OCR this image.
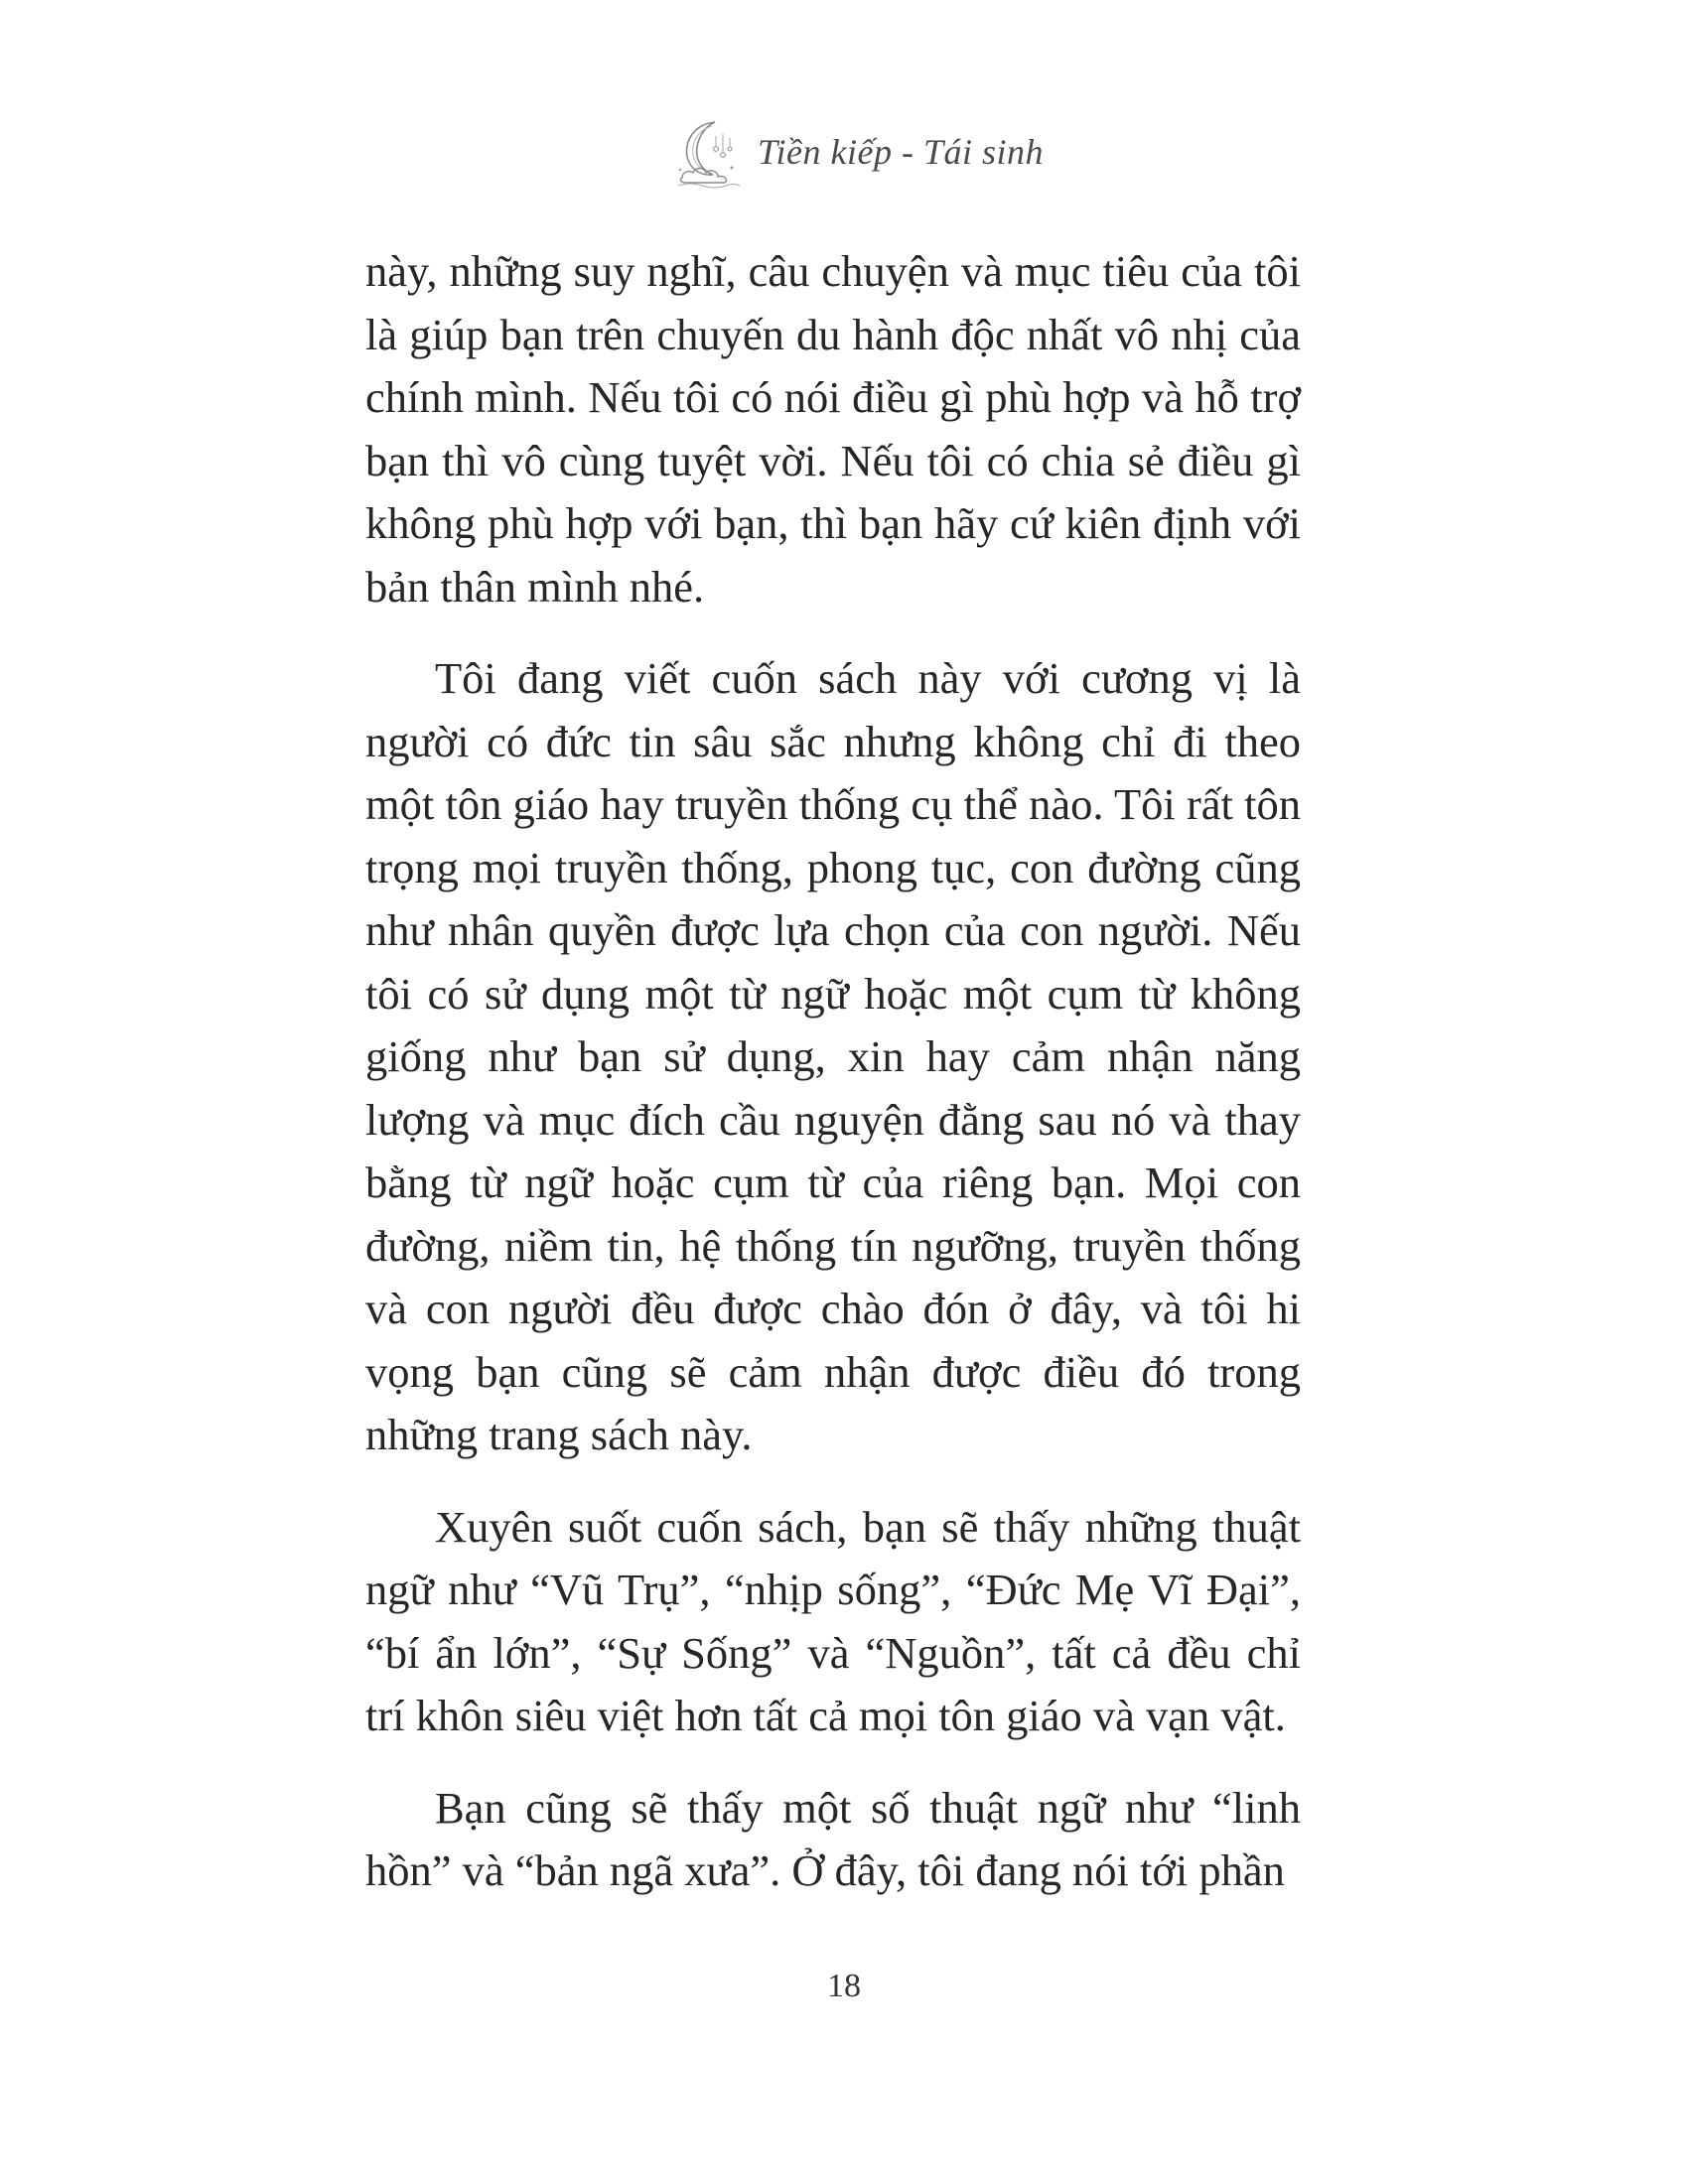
Tiền kiếp - Tái sinh

này, những suy nghĩ, câu chuyện và mục tiêu của tôi là giúp bạn trên chuyến du hành độc nhất vô nhị của chính mình. Nếu tôi có nói điều gì phù hợp và hỗ trợ bạn thì vô cùng tuyệt vời. Nếu tôi có chia sẻ điều gì không phù hợp với bạn, thì bạn hãy cứ kiên định với bản thân mình nhé.

Tôi đang viết cuốn sách này với cương vị là người có đức tin sâu sắc nhưng không chỉ đi theo một tôn giáo hay truyền thống cụ thể nào. Tôi rất tôn trọng mọi truyền thống, phong tục, con đường cũng như nhân quyền được lựa chọn của con người. Nếu tôi có sử dụng một từ ngữ hoặc một cụm từ không giống như bạn sử dụng, xin hay cảm nhận năng lượng và mục đích cầu nguyện đằng sau nó và thay bằng từ ngữ hoặc cụm từ của riêng bạn. Mọi con đường, niềm tin, hệ thống tín ngưỡng, truyền thống và con người đều được chào đón ở đây, và tôi hi vọng bạn cũng sẽ cảm nhận được điều đó trong những trang sách này.

Xuyên suốt cuốn sách, bạn sẽ thấy những thuật ngữ như “Vũ Trụ”, “nhịp sống”, “Đức Mẹ Vĩ Đại”, “bí ẩn lớn”, “Sự Sống” và “Nguồn”, tất cả đều chỉ trí khôn siêu việt hơn tất cả mọi tôn giáo và vạn vật.

Bạn cũng sẽ thấy một số thuật ngữ như “linh hồn” và “bản ngã xưa”. Ở đây, tôi đang nói tới phần

18
